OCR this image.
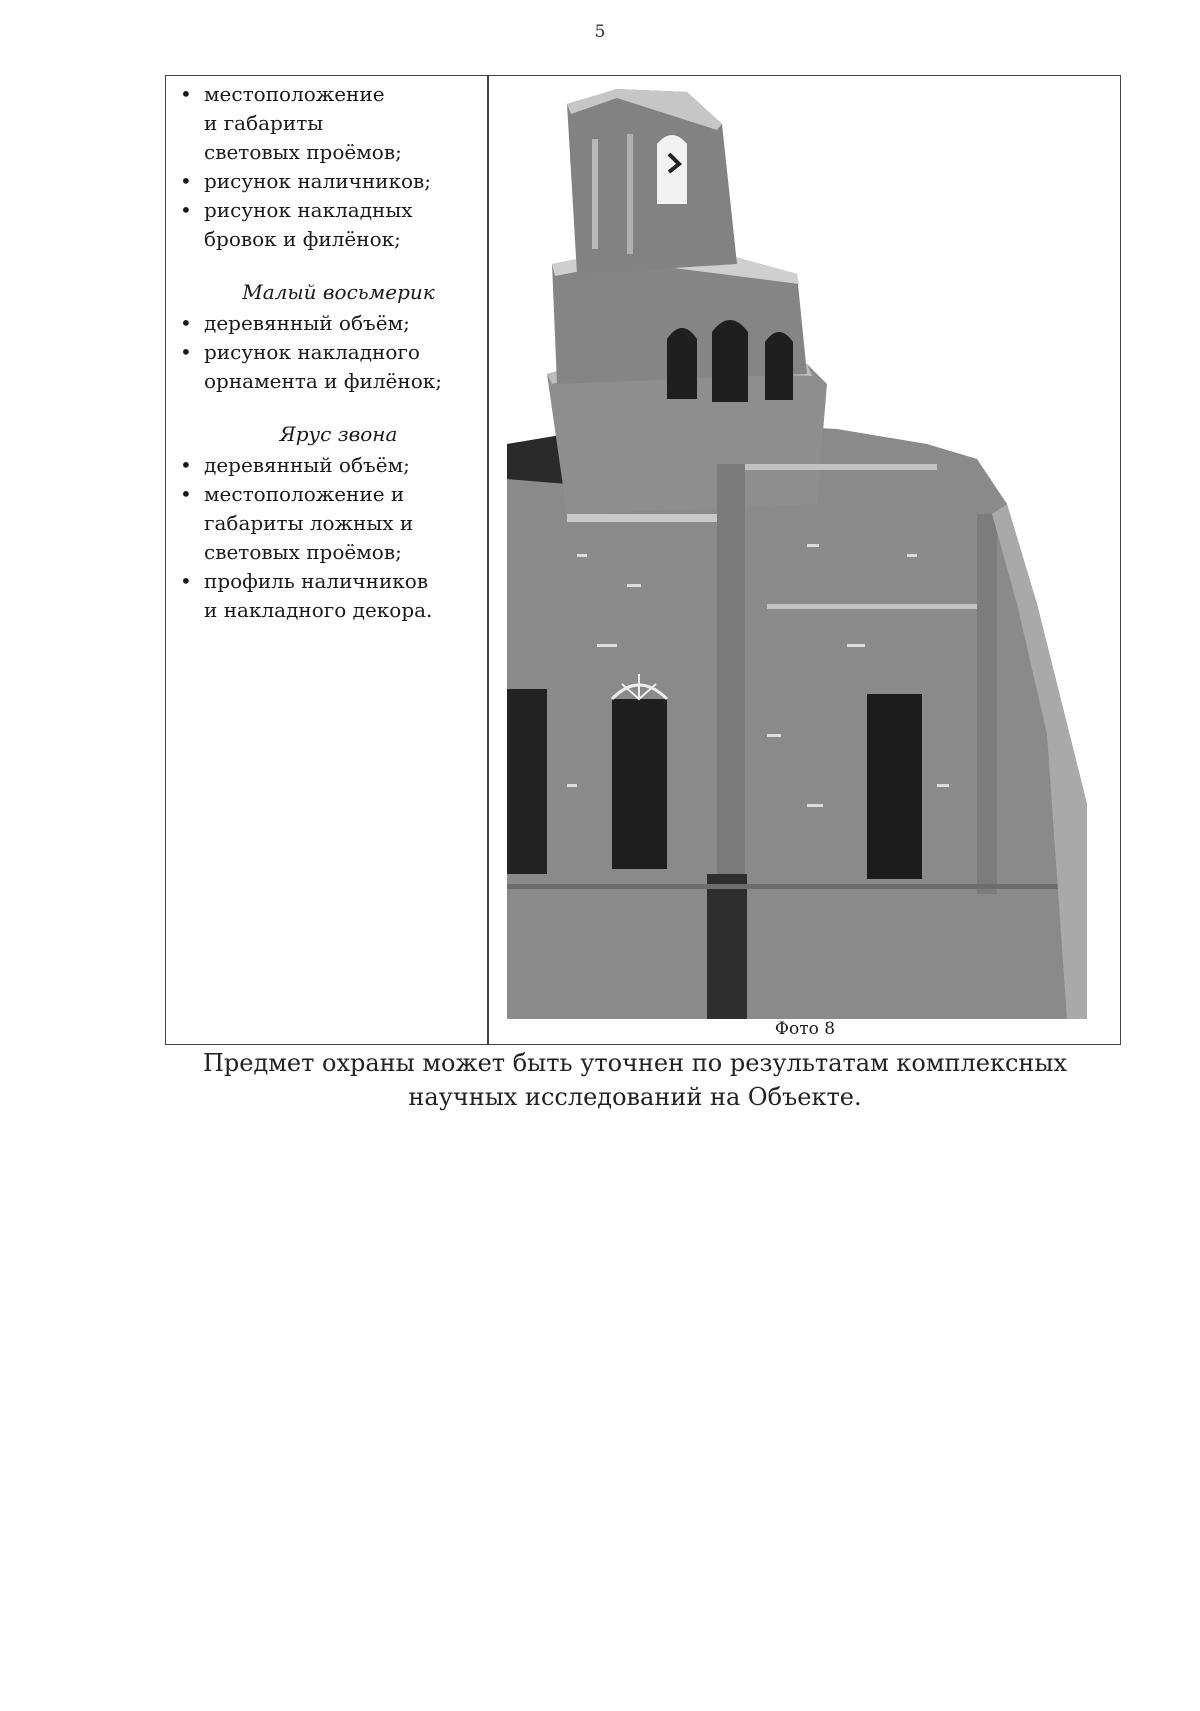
5
• местоположение и габариты световых проёмов;
• рисунок наличников;
• рисунок накладных бровок и филёнок;
Малый восьмерик
• деревянный объём;
• рисунок накладного орнамента и филёнок;
Ярус звона
• деревянный объём;
• местоположение и габариты ложных и световых проёмов;
• профиль наличников и накладного декора.
Фото 8
Предмет охраны может быть уточнен по результатам комплексных
научных исследований на Объекте.
